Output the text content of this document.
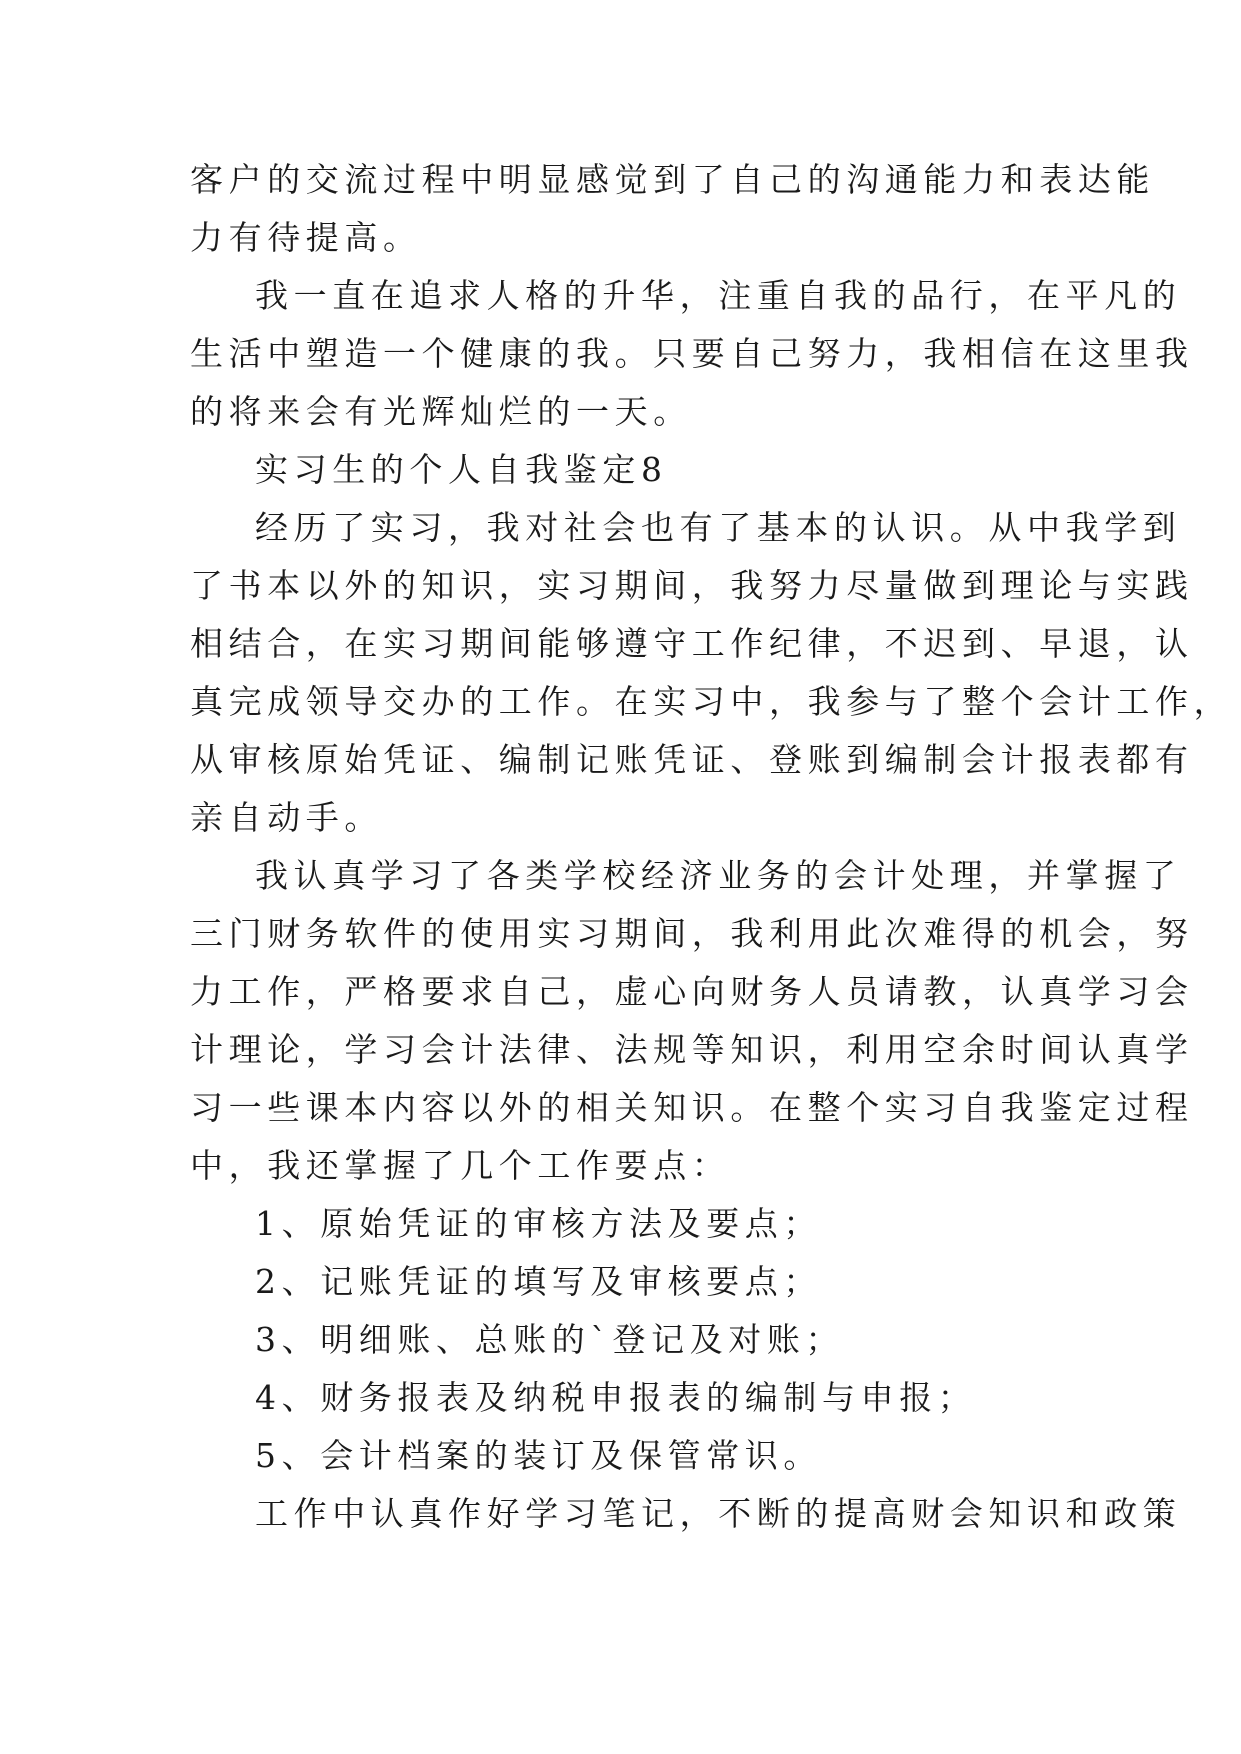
客户的交流过程中明显感觉到了自己的沟通能力和表达能
力有待提高。
我一直在追求人格的升华，注重自我的品行，在平凡的
生活中塑造一个健康的我。只要自己努力，我相信在这里我
的将来会有光辉灿烂的一天。
实习生的个人自我鉴定8
经历了实习，我对社会也有了基本的认识。从中我学到
了书本以外的知识，实习期间，我努力尽量做到理论与实践
相结合，在实习期间能够遵守工作纪律，不迟到、早退，认
真完成领导交办的工作。在实习中，我参与了整个会计工作，
从审核原始凭证、编制记账凭证、登账到编制会计报表都有
亲自动手。
我认真学习了各类学校经济业务的会计处理，并掌握了
三门财务软件的使用实习期间，我利用此次难得的机会，努
力工作，严格要求自己，虚心向财务人员请教，认真学习会
计理论，学习会计法律、法规等知识，利用空余时间认真学
习一些课本内容以外的相关知识。在整个实习自我鉴定过程
中，我还掌握了几个工作要点：
1、原始凭证的审核方法及要点；
2、记账凭证的填写及审核要点；
3、明细账、总账的`登记及对账；
4、财务报表及纳税申报表的编制与申报；
5、会计档案的装订及保管常识。
工作中认真作好学习笔记，不断的提高财会知识和政策
